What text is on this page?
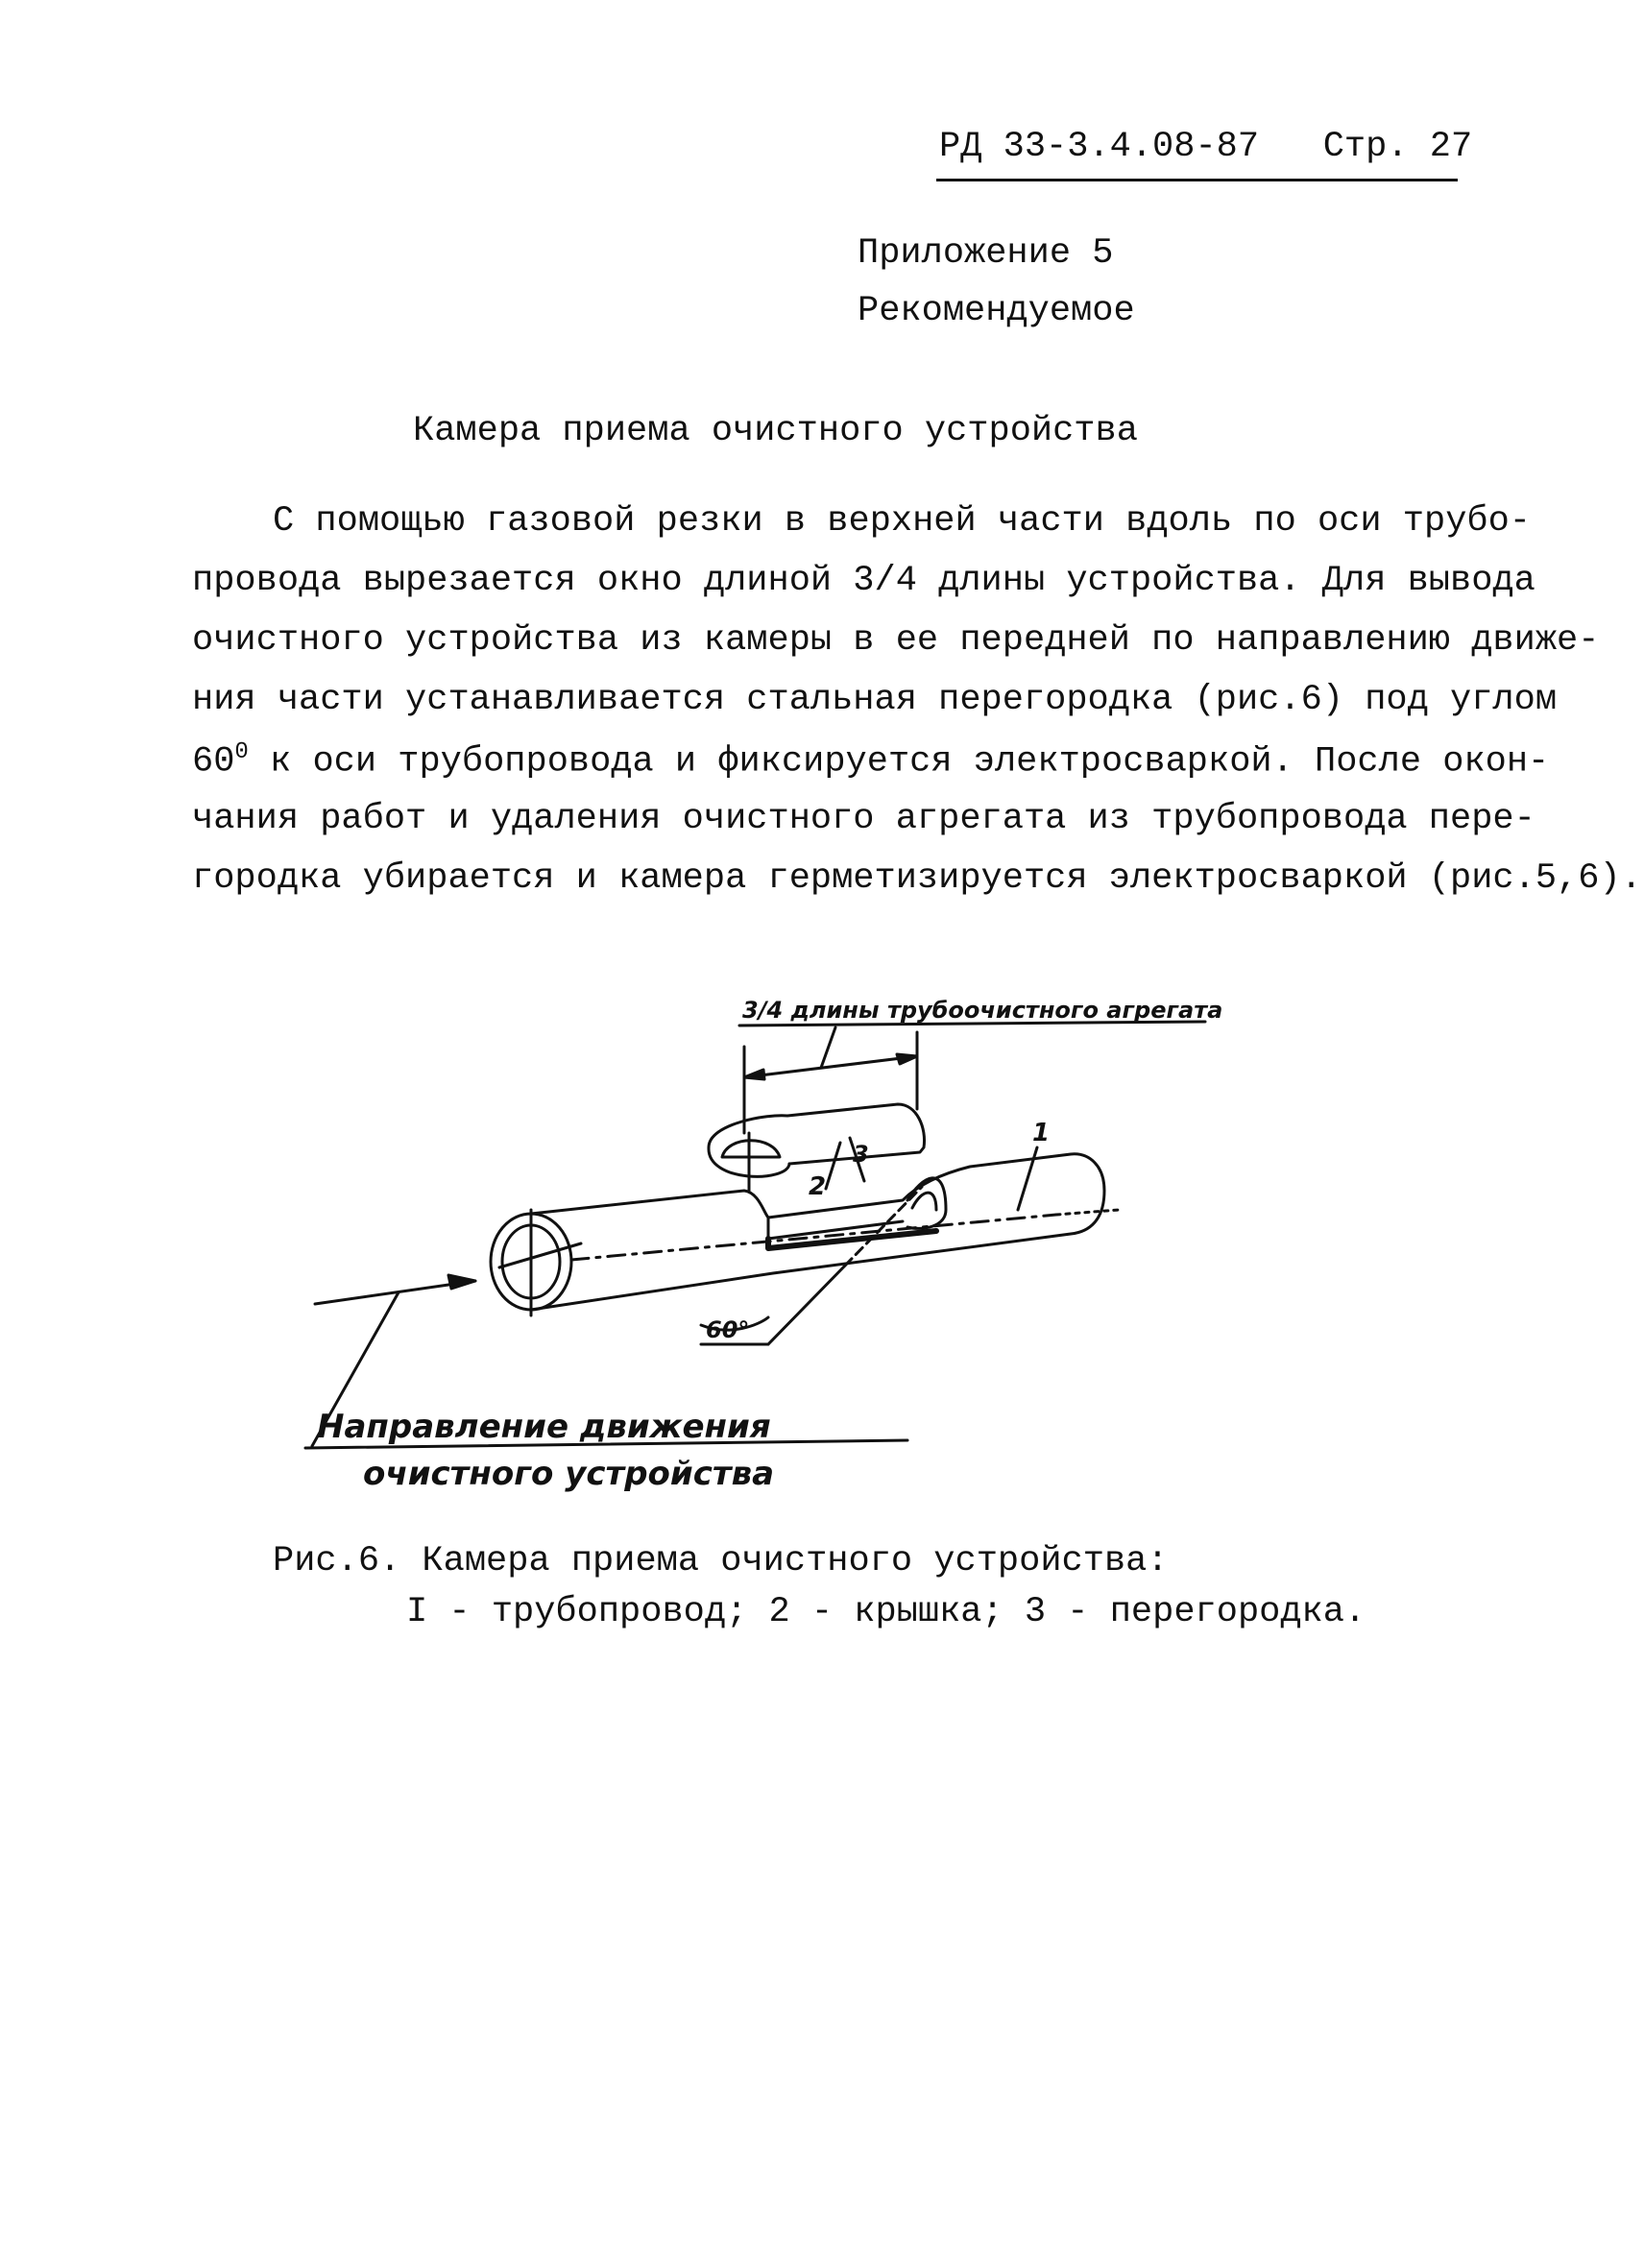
РД 33-3.4.08-87 Стр. 27
Приложение 5
Рекомендуемое
Камера приема очистного устройства
С помощью газовой резки в верхней части вдоль по оси трубо-
провода вырезается окно длиной 3/4 длины устройства. Для вывода
очистного устройства из камеры в ее передней по направлению движе-
ния части устанавливается стальная перегородка (рис.6) под углом
$60^0$ к оси трубопровода и фиксируется электросваркой. После окон-
чания работ и удаления очистного агрегата из трубопровода пере-
городка убирается и камера герметизируется электросваркой (рис.5,6).
3/4 длины трубоочистного агрегата
1
2
3
60°
Направление движения
очистного устройства
Рис.6. Камера приема очистного устройства:
I - трубопровод; 2 - крышка; 3 - перегородка.
